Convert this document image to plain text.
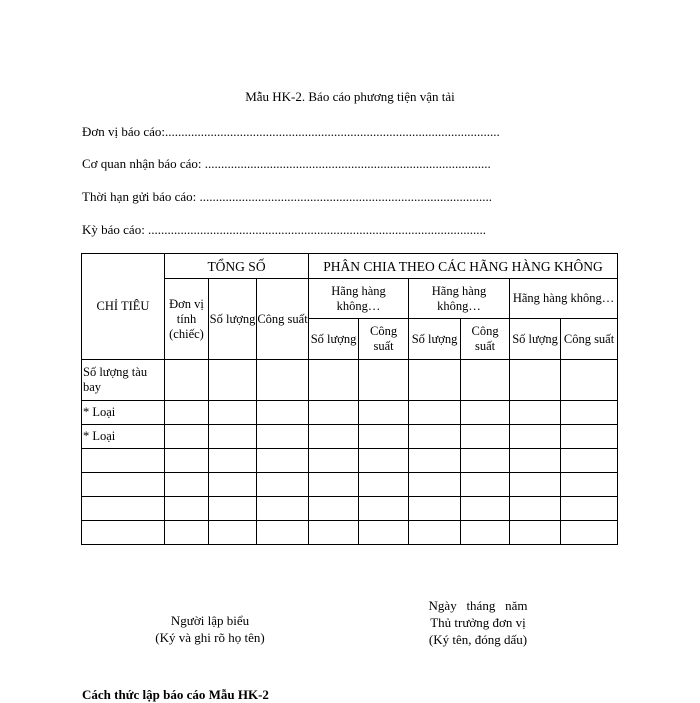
Mẫu HK-2. Báo cáo phương tiện vận tải
Đơn vị báo cáo:.......................................................................................................
Cơ quan nhận báo cáo: ........................................................................................
Thời hạn gửi báo cáo: ..........................................................................................
Kỳ báo cáo: ........................................................................................................
CHỈ TIÊU	TỔNG SỐ			PHÂN CHIA THEO CÁC HÃNG HÀNG KHÔNG					
	Đơn vị tính (chiếc)	Số lượng	Công suất	Hãng hàng không…		Hãng hàng không…		Hãng hàng không…	
				Số lượng	Công suất	Số lượng	Công suất	Số lượng	Công suất
Số lượng tàu bay									
* Loại									
* Loại									

Người lập biểu
(Ký và ghi rõ họ tên)
Ngày   tháng   năm
Thủ trưởng đơn vị
(Ký tên, đóng dấu)
Cách thức lập báo cáo Mẫu HK-2
